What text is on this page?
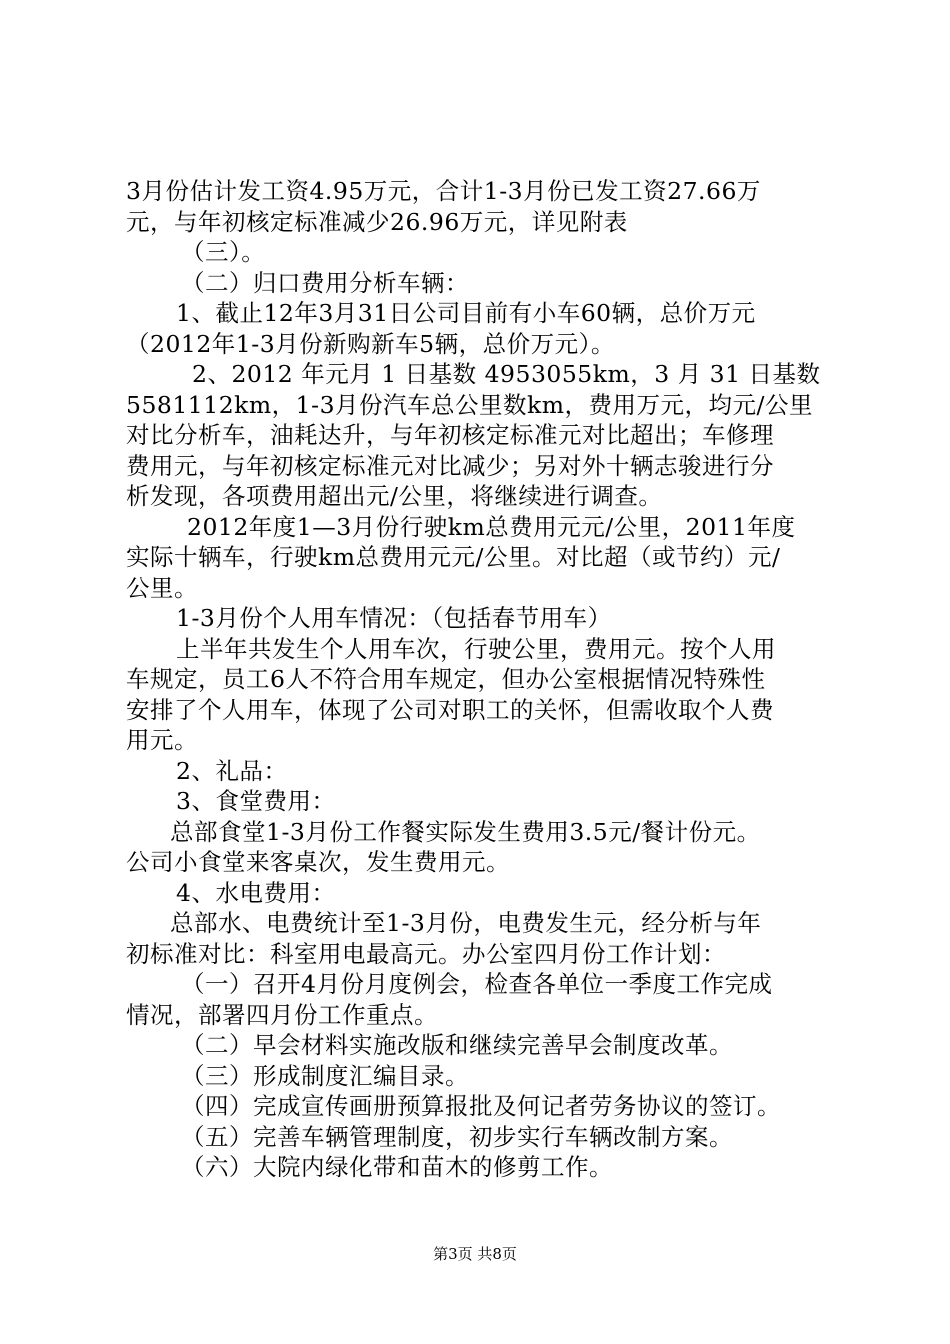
3月份估计发工资4.95万元，合计1-3月份已发工资27.66万
元，与年初核定标准减少26.96万元，详见附表
（三）。
（二）归口费用分析车辆：
1、截止12年3月31日公司目前有小车60辆，总价万元
（2012年1-3月份新购新车5辆，总价万元）。
2、2012 年元月 1 日基数 4953055km，3 月 31 日基数
5581112km，1-3月份汽车总公里数km，费用万元，均元/公里
对比分析车，油耗达升，与年初核定标准元对比超出；车修理
费用元，与年初核定标准元对比减少；另对外十辆志骏进行分
析发现，各项费用超出元/公里，将继续进行调查。
2012年度1—3月份行驶km总费用元元/公里，2011年度
实际十辆车，行驶km总费用元元/公里。对比超（或节约）元/
公里。
1-3月份个人用车情况：（包括春节用车）
上半年共发生个人用车次，行驶公里，费用元。按个人用
车规定，员工6人不符合用车规定，但办公室根据情况特殊性
安排了个人用车，体现了公司对职工的关怀，但需收取个人费
用元。
2、礼品：
3、食堂费用：
总部食堂1-3月份工作餐实际发生费用3.5元/餐计份元。
公司小食堂来客桌次，发生费用元。
4、水电费用：
总部水、电费统计至1-3月份，电费发生元，经分析与年
初标准对比：科室用电最高元。办公室四月份工作计划：
（一）召开4月份月度例会，检查各单位一季度工作完成
情况，部署四月份工作重点。
（二）早会材料实施改版和继续完善早会制度改革。
（三）形成制度汇编目录。
（四）完成宣传画册预算报批及何记者劳务协议的签订。
（五）完善车辆管理制度，初步实行车辆改制方案。
（六）大院内绿化带和苗木的修剪工作。
第3页 共8页
